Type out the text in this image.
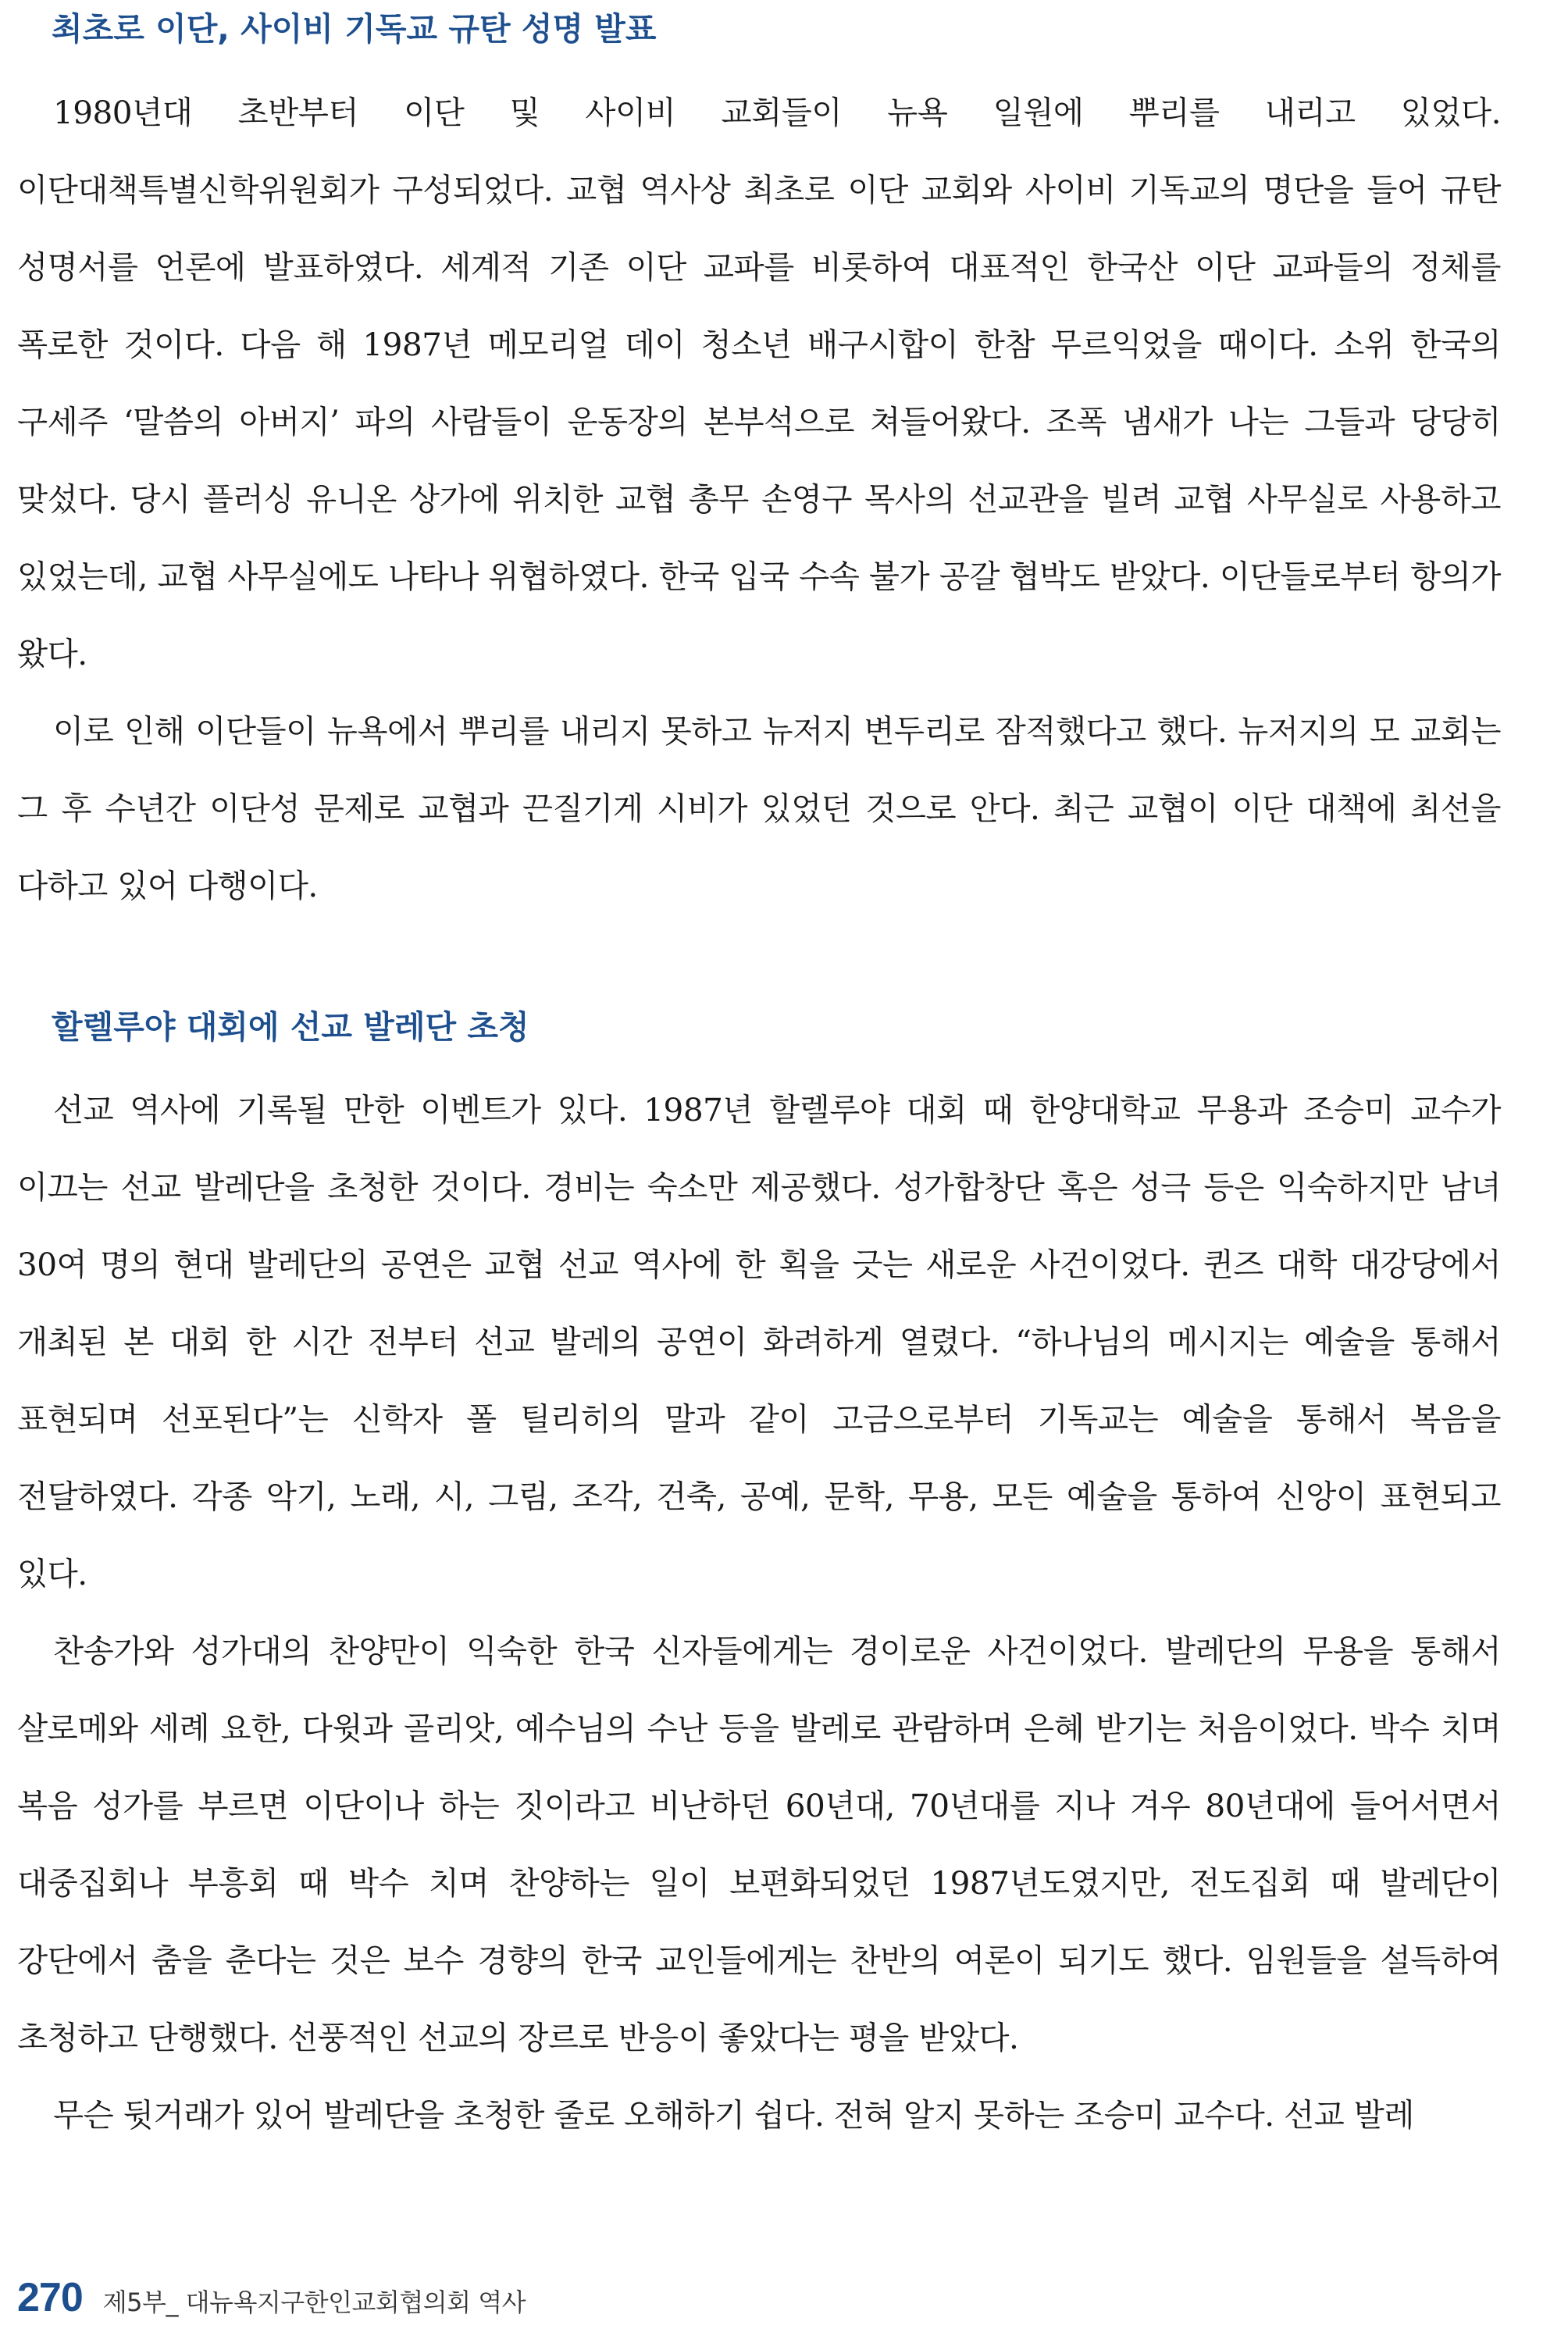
최초로 이단, 사이비 기독교 규탄 성명 발표

1980년대 초반부터 이단 및 사이비 교회들이 뉴욕 일원에 뿌리를 내리고 있었다. 이단대책특별신학위원회가 구성되었다. 교협 역사상 최초로 이단 교회와 사이비 기독교의 명단을 들어 규탄 성명서를 언론에 발표하였다. 세계적 기존 이단 교파를 비롯하여 대표적인 한국산 이단 교파들의 정체를 폭로한 것이다. 다음 해 1987년 메모리얼 데이 청소년 배구시합이 한참 무르익었을 때이다. 소위 한국의 구세주 ‘말씀의 아버지’ 파의 사람들이 운동장의 본부석으로 쳐들어왔다. 조폭 냄새가 나는 그들과 당당히 맞섰다. 당시 플러싱 유니온 상가에 위치한 교협 총무 손영구 목사의 선교관을 빌려 교협 사무실로 사용하고 있었는데, 교협 사무실에도 나타나 위협하였다. 한국 입국 수속 불가 공갈 협박도 받았다. 이단들로부터 항의가 왔다.

이로 인해 이단들이 뉴욕에서 뿌리를 내리지 못하고 뉴저지 변두리로 잠적했다고 했다. 뉴저지의 모 교회는 그 후 수년간 이단성 문제로 교협과 끈질기게 시비가 있었던 것으로 안다. 최근 교협이 이단 대책에 최선을 다하고 있어 다행이다.

할렐루야 대회에 선교 발레단 초청

선교 역사에 기록될 만한 이벤트가 있다. 1987년 할렐루야 대회 때 한양대학교 무용과 조승미 교수가 이끄는 선교 발레단을 초청한 것이다. 경비는 숙소만 제공했다. 성가합창단 혹은 성극 등은 익숙하지만 남녀 30여 명의 현대 발레단의 공연은 교협 선교 역사에 한 획을 긋는 새로운 사건이었다. 퀸즈 대학 대강당에서 개최된 본 대회 한 시간 전부터 선교 발레의 공연이 화려하게 열렸다. “하나님의 메시지는 예술을 통해서 표현되며 선포된다”는 신학자 폴 틸리히의 말과 같이 고금으로부터 기독교는 예술을 통해서 복음을 전달하였다. 각종 악기, 노래, 시, 그림, 조각, 건축, 공예, 문학, 무용, 모든 예술을 통하여 신앙이 표현되고 있다.

찬송가와 성가대의 찬양만이 익숙한 한국 신자들에게는 경이로운 사건이었다. 발레단의 무용을 통해서 살로메와 세례 요한, 다윗과 골리앗, 예수님의 수난 등을 발레로 관람하며 은혜 받기는 처음이었다. 박수 치며 복음 성가를 부르면 이단이나 하는 짓이라고 비난하던 60년대, 70년대를 지나 겨우 80년대에 들어서면서 대중집회나 부흥회 때 박수 치며 찬양하는 일이 보편화되었던 1987년도였지만, 전도집회 때 발레단이 강단에서 춤을 춘다는 것은 보수 경향의 한국 교인들에게는 찬반의 여론이 되기도 했다. 임원들을 설득하여 초청하고 단행했다. 선풍적인 선교의 장르로 반응이 좋았다는 평을 받았다.

무슨 뒷거래가 있어 발레단을 초청한 줄로 오해하기 쉽다. 전혀 알지 못하는 조승미 교수다. 선교 발레

270 제5부_ 대뉴욕지구한인교회협의회 역사
